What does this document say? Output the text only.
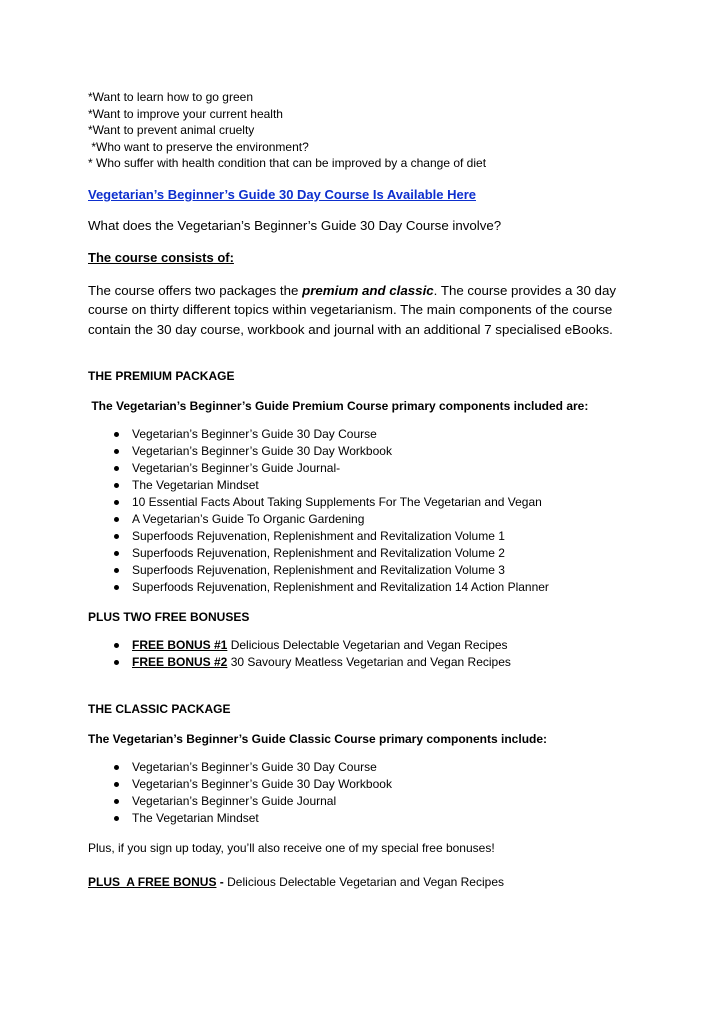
*Want to learn how to go green
*Want to improve your current health
*Want to prevent animal cruelty
*Who want to preserve the environment?
* Who suffer with health condition that can be improved by a change of diet
Vegetarian’s Beginner’s Guide 30 Day Course Is Available Here
What does the Vegetarian’s Beginner’s Guide 30 Day Course involve?
The course consists of:
The course offers two packages the premium and classic. The course provides a 30 day course on thirty different topics within vegetarianism. The main components of the course contain the 30 day course, workbook and journal with an additional 7 specialised eBooks.
THE PREMIUM PACKAGE
The Vegetarian’s Beginner’s Guide Premium Course primary components included are:
Vegetarian’s Beginner’s Guide 30 Day Course
Vegetarian’s Beginner’s Guide 30 Day Workbook
Vegetarian’s Beginner’s Guide Journal-
The Vegetarian Mindset
10 Essential Facts About Taking Supplements For The Vegetarian and Vegan
A Vegetarian’s Guide To Organic Gardening
Superfoods Rejuvenation, Replenishment and Revitalization Volume 1
Superfoods Rejuvenation, Replenishment and Revitalization Volume 2
Superfoods Rejuvenation, Replenishment and Revitalization Volume 3
Superfoods Rejuvenation, Replenishment and Revitalization 14 Action Planner
PLUS TWO FREE BONUSES
FREE BONUS #1 Delicious Delectable Vegetarian and Vegan Recipes
FREE BONUS #2 30 Savoury Meatless Vegetarian and Vegan Recipes
THE CLASSIC PACKAGE
The Vegetarian’s Beginner’s Guide Classic Course primary components include:
Vegetarian’s Beginner’s Guide 30 Day Course
Vegetarian’s Beginner’s Guide 30 Day Workbook
Vegetarian’s Beginner’s Guide Journal
The Vegetarian Mindset
Plus, if you sign up today, you’ll also receive one of my special free bonuses!
PLUS  A FREE BONUS - Delicious Delectable Vegetarian and Vegan Recipes
